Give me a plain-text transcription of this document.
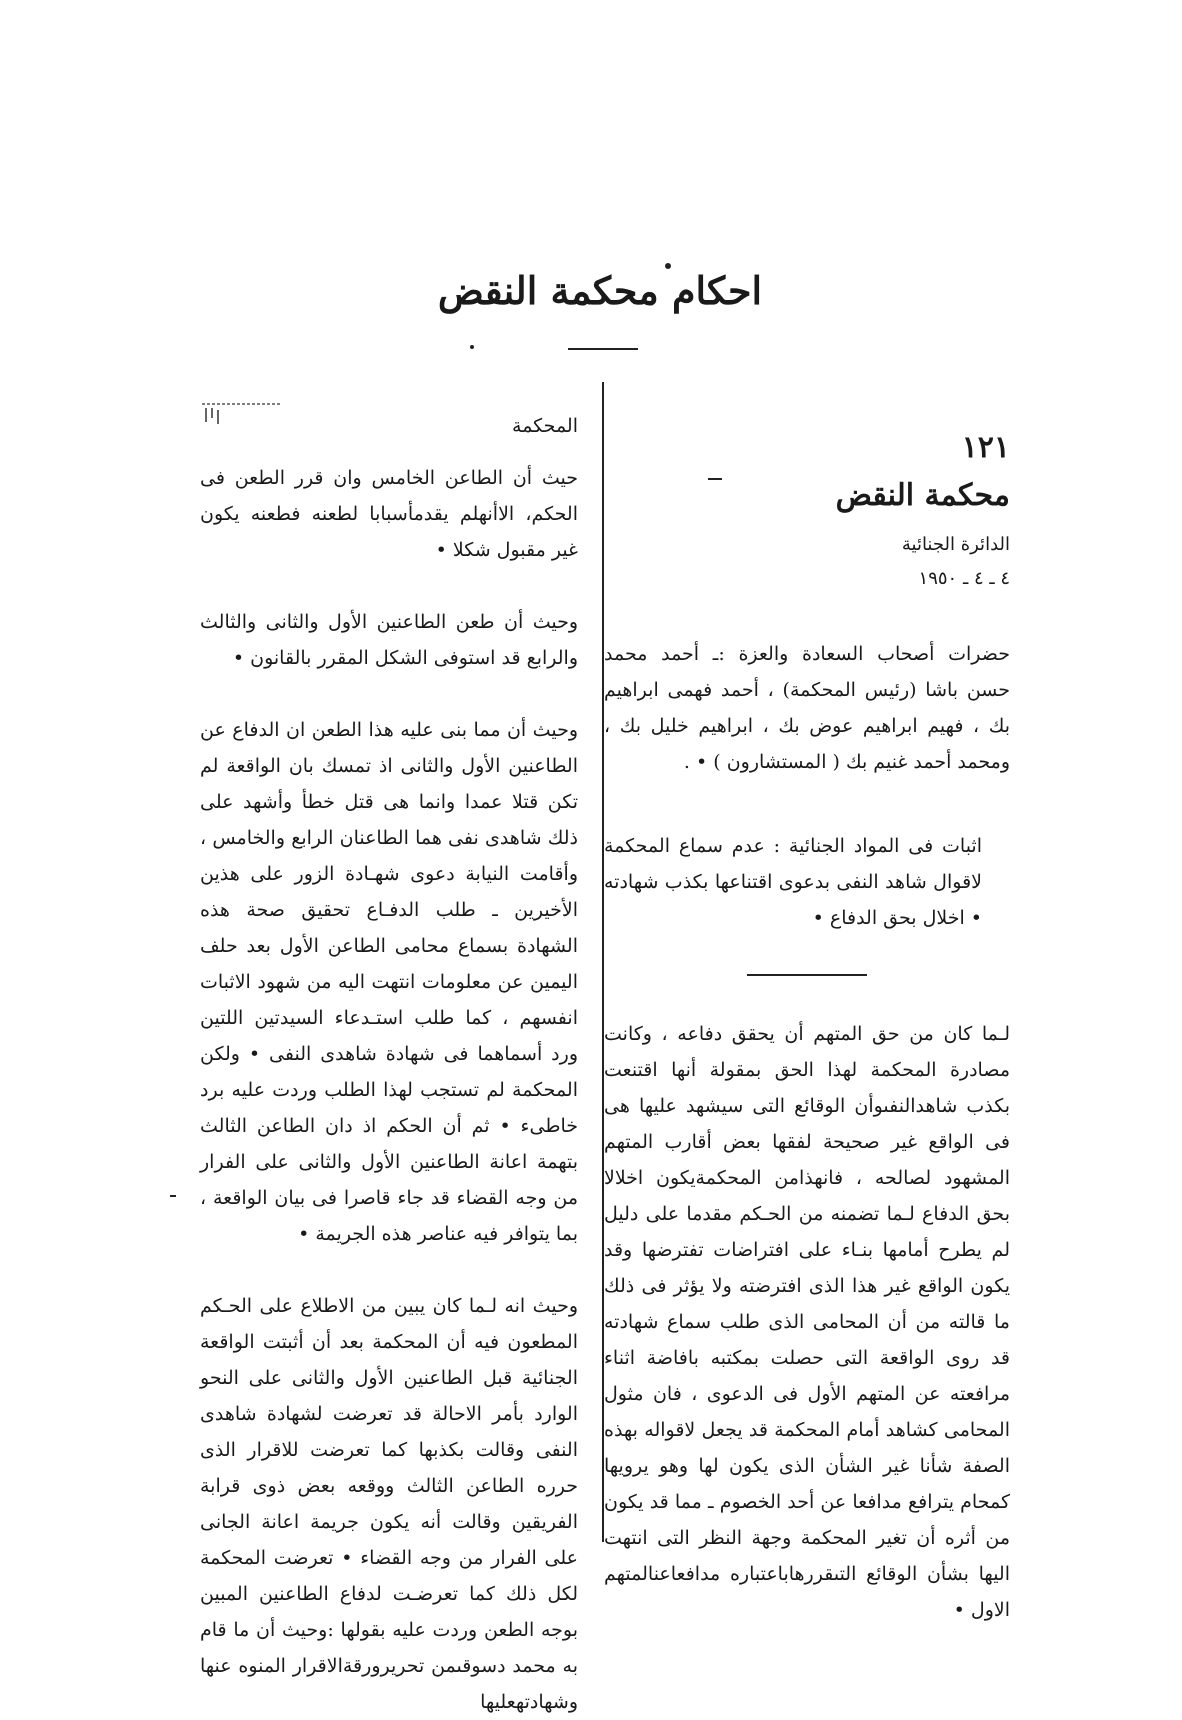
احكام محكمة النقض

المحكمة

حيث أن الطاعن الخامس وان قرر الطعن فى الحكم، الاأنهلم يقدمأسبابا لطعنه فطعنه يكون غير مقبول شكلا •

وحيث أن طعن الطاعنين الأول والثانى والثالث والرابع قد استوفى الشكل المقرر بالقانون •

وحيث أن مما بنى عليه هذا الطعن ان الدفاع عن الطاعنين الأول والثانى اذ تمسك بان الواقعة لم تكن قتلا عمدا وانما هى قتل خطأ وأشهد على ذلك شاهدى نفى هما الطاعنان الرابع والخامس ، وأقامت النيابة دعوى شهـادة الزور على هذين الأخيرين ـ طلب الدفـاع تحقيق صحة هذه الشهادة بسماع محامى الطاعن الأول بعد حلف اليمين عن معلومات انتهت اليه من شهود الاثبات انفسهم ، كما طلب استـدعاء السيدتين اللتين ورد أسماهما فى شهادة شاهدى النفى • ولكن المحكمة لم تستجب لهذا الطلب وردت عليه برد خاطىء • ثم أن الحكم اذ دان الطاعن الثالث بتهمة اعانة الطاعنين الأول والثانى على الفرار من وجه القضاء قد جاء قاصرا فى بيان الواقعة ، بما يتوافر فيه عناصر هذه الجريمة •

وحيث انه لـما كان يبين من الاطلاع على الحـكم المطعون فيه أن المحكمة بعد أن أثبتت الواقعة الجنائية قبل الطاعنين الأول والثانى على النحو الوارد بأمر الاحالة قد تعرضت لشهادة شاهدى النفى وقالت بكذبها كما تعرضت للاقرار الذى حرره الطاعن الثالث ووقعه بعض ذوى قرابة الفريقين وقالت أنه يكون جريمة اعانة الجانى على الفرار من وجه القضاء • تعرضت المحكمة لكل ذلك كما تعرضـت لدفاع الطاعنين المبين بوجه الطعن وردت عليه بقولها :وحيث أن ما قام به محمد دسوقىمن تحريرورقةالاقرار المنوه عنها وشهادتهعليها

١٢١

محكمة النقض

الدائرة الجنائية

٤ ـ ٤ ـ ١٩٥٠

حضرات أصحاب السعادة والعزة :ـ أحمد محمد حسن باشا (رئيس المحكمة) ، أحمد فهمى ابراهيم بك ، فهيم ابراهيم عوض بك ، ابراهيم خليل بك ، ومحمد أحمد غنيم بك ( المستشارون ) • .

اثبات فى المواد الجنائية : عدم سماع المحكمة لاقوال شاهد النفى بدعوى اقتناعها بكذب شهادته • اخلال بحق الدفاع •

لـما كان من حق المتهم أن يحقق دفاعه ، وكانت مصادرة المحكمة لهذا الحق بمقولة أنها اقتنعت بكذب شاهدالنفىوأن الوقائع التى سيشهد عليها هى فى الواقع غير صحيحة لفقها بعض أقارب المتهم المشهود لصالحه ، فانهذامن المحكمةيكون اخلالا بحق الدفاع لـما تضمنه من الحـكم مقدما على دليل لم يطرح أمامها بنـاء على افتراضات تفترضها وقد يكون الواقع غير هذا الذى افترضته ولا يؤثر فى ذلك ما قالته من أن المحامى الذى طلب سماع شهادته قد روى الواقعة التى حصلت بمكتبه بافاضة اثناء مرافعته عن المتهم الأول فى الدعوى ، فان مثول المحامى كشاهد أمام المحكمة قد يجعل لاقواله بهذه الصفة شأنا غير الشأن الذى يكون لها وهو يرويها كمحام يترافع مدافعا عن أحد الخصوم ـ مما قد يكون من أثره أن تغير المحكمة وجهة النظر التى انتهت اليها بشأن الوقائع التىقررهاباعتباره مدافعاعنالمتهم الاول •
